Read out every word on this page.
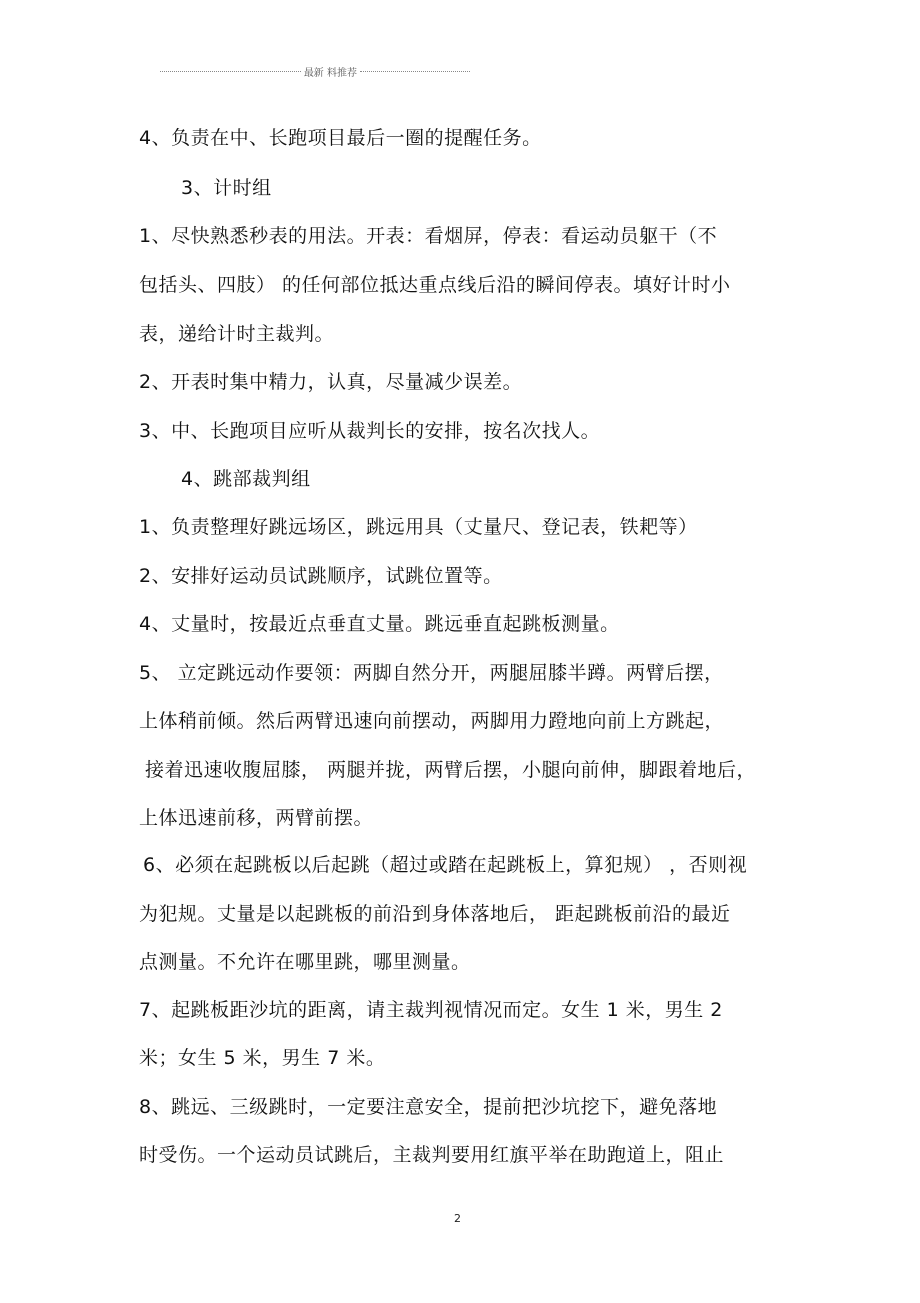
最新 料推荐
4、负责在中、长跑项目最后一圈的提醒任务。
3、计时组
1、尽快熟悉秒表的用法。开表：看烟屏，停表：看运动员躯干（不
包括头、四肢） 的任何部位抵达重点线后沿的瞬间停表。填好计时小
表，递给计时主裁判。
2、开表时集中精力，认真，尽量减少误差。
3、中、长跑项目应听从裁判长的安排，按名次找人。
4、跳部裁判组
1、负责整理好跳远场区，跳远用具（丈量尺、登记表，铁耙等）
2、安排好运动员试跳顺序，试跳位置等。
4、丈量时，按最近点垂直丈量。跳远垂直起跳板测量。
5、 立定跳远动作要领：两脚自然分开，两腿屈膝半蹲。两臂后摆，
上体稍前倾。然后两臂迅速向前摆动，两脚用力蹬地向前上方跳起，
接着迅速收腹屈膝， 两腿并拢，两臂后摆，小腿向前伸，脚跟着地后，
上体迅速前移，两臂前摆。
6、必须在起跳板以后起跳（超过或踏在起跳板上，算犯规） ，否则视
为犯规。丈量是以起跳板的前沿到身体落地后， 距起跳板前沿的最近
点测量。不允许在哪里跳，哪里测量。
7、起跳板距沙坑的距离，请主裁判视情况而定。女生 1 米，男生 2
米；女生 5 米，男生 7 米。
8、跳远、三级跳时，一定要注意安全，提前把沙坑挖下，避免落地
时受伤。一个运动员试跳后，主裁判要用红旗平举在助跑道上，阻止
2
